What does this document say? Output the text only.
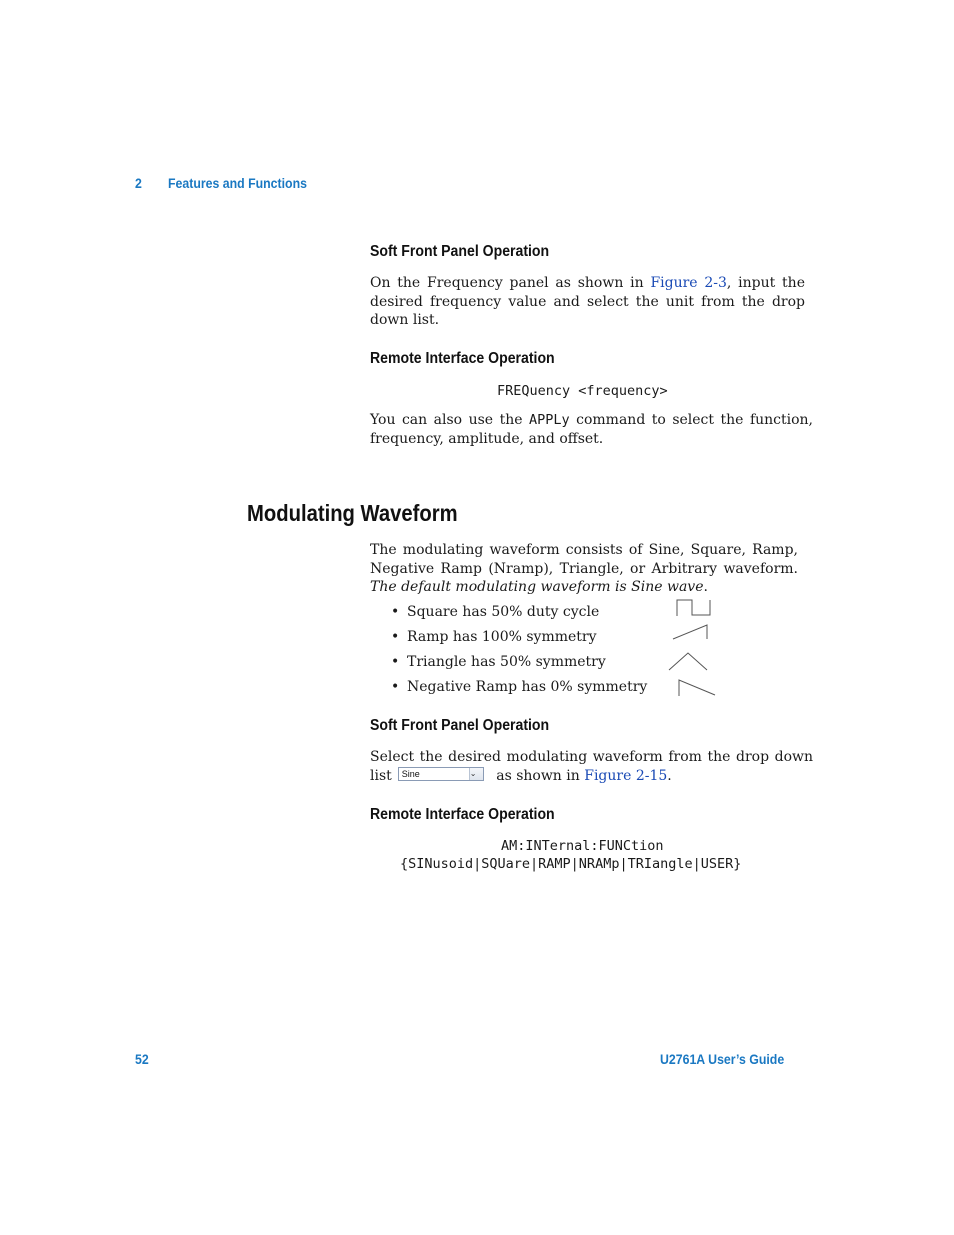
2 Features and Functions
Soft Front Panel Operation
On the Frequency panel as shown in Figure 2-3, input the desired frequency value and select the unit from the drop down list.
Remote Interface Operation
FREQuency <frequency>
You can also use the APPLy command to select the function, frequency, amplitude, and offset.
Modulating Waveform
The modulating waveform consists of Sine, Square, Ramp, Negative Ramp (Nramp), Triangle, or Arbitrary waveform. The default modulating waveform is Sine wave.
• Square has 50% duty cycle
• Ramp has 100% symmetry
• Triangle has 50% symmetry
• Negative Ramp has 0% symmetry
Soft Front Panel Operation
Select the desired modulating waveform from the drop down list Sine	⌄	as shown in Figure 2-15.
Remote Interface Operation
AM:INTernal:FUNCtion
{SINusoid|SQUare|RAMP|NRAMp|TRIangle|USER}
52	U2761A User’s Guide
